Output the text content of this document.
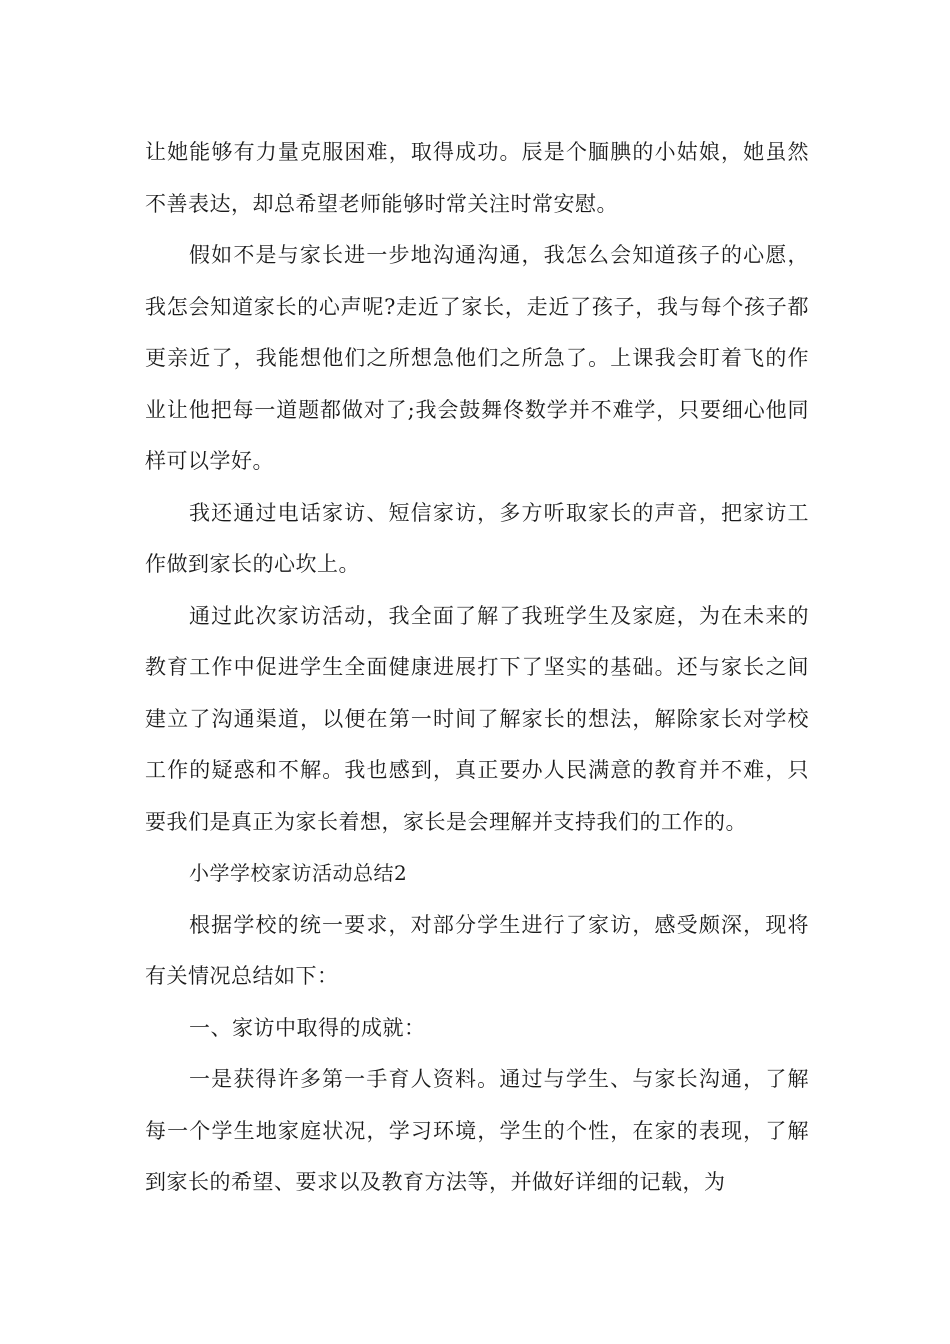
让她能够有力量克服困难，取得成功。辰是个腼腆的小姑娘，她虽然不善表达，却总希望老师能够时常关注时常安慰。

假如不是与家长进一步地沟通沟通，我怎么会知道孩子的心愿，我怎会知道家长的心声呢?走近了家长，走近了孩子，我与每个孩子都更亲近了，我能想他们之所想急他们之所急了。上课我会盯着飞的作业让他把每一道题都做对了;我会鼓舞佟数学并不难学，只要细心他同样可以学好。

我还通过电话家访、短信家访，多方听取家长的声音，把家访工作做到家长的心坎上。

通过此次家访活动，我全面了解了我班学生及家庭，为在未来的教育工作中促进学生全面健康进展打下了坚实的基础。还与家长之间建立了沟通渠道，以便在第一时间了解家长的想法，解除家长对学校工作的疑惑和不解。我也感到，真正要办人民满意的教育并不难，只要我们是真正为家长着想，家长是会理解并支持我们的工作的。

小学学校家访活动总结2

根据学校的统一要求，对部分学生进行了家访，感受颇深，现将有关情况总结如下：

一、家访中取得的成就：

一是获得许多第一手育人资料。通过与学生、与家长沟通，了解每一个学生地家庭状况，学习环境，学生的个性，在家的表现，了解到家长的希望、要求以及教育方法等，并做好详细的记载，为
